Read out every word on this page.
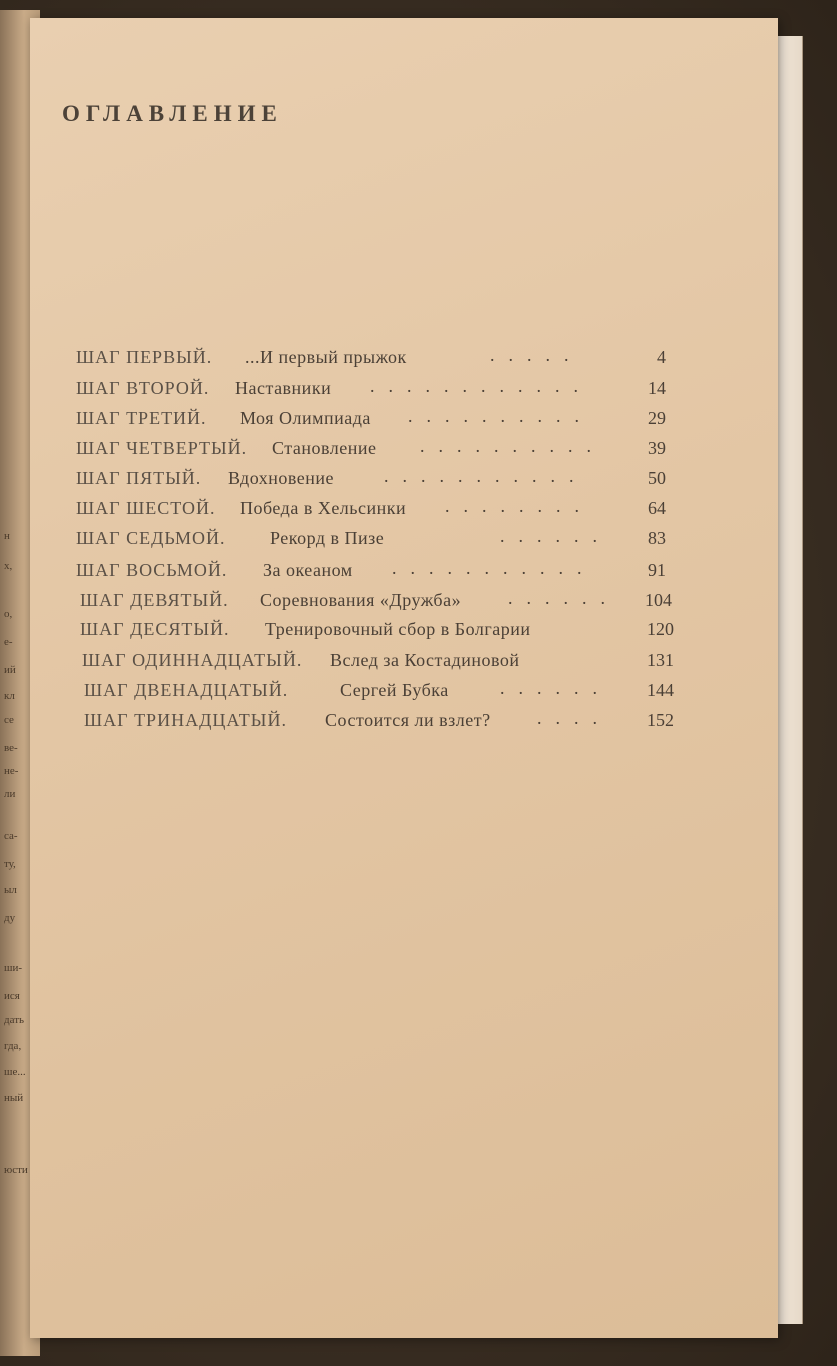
н
х,
о,
е-
ий
кл
се
ве-
не-
ли
са-
ту,
ыл
ду
ши-
ися
дать
гда,
ше...
ный
юсти
ОГЛАВЛЕНИЕ
ШАГ ПЕРВЫЙ. ...И первый прыжок	.....	4
ШАГ ВТОРОЙ. Наставники ............	14
ШАГ ТРЕТИЙ. Моя Олимпиада ..........	29
ШАГ ЧЕТВЕРТЫЙ. Становление ..........	39
ШАГ ПЯТЫЙ. Вдохновение	...........	50
ШАГ ШЕСТОЙ. Победа в Хельсинки ........	64
ШАГ СЕДЬМОЙ. Рекорд в Пизе	......	83
ШАГ ВОСЬМОЙ. За океаном ...........	91
ШАГ ДЕВЯТЫЙ. Соревнования «Дружба»	......	104
ШАГ ДЕСЯТЫЙ. Тренировочный сбор в Болгарии	120
ШАГ ОДИННАДЦАТЫЙ. Вслед за Костадиновой	131
ШАГ ДВЕНАДЦАТЫЙ.	Сергей Бубка	......	144
ШАГ ТРИНАДЦАТЫЙ. Состоится ли взлет?	....	152
